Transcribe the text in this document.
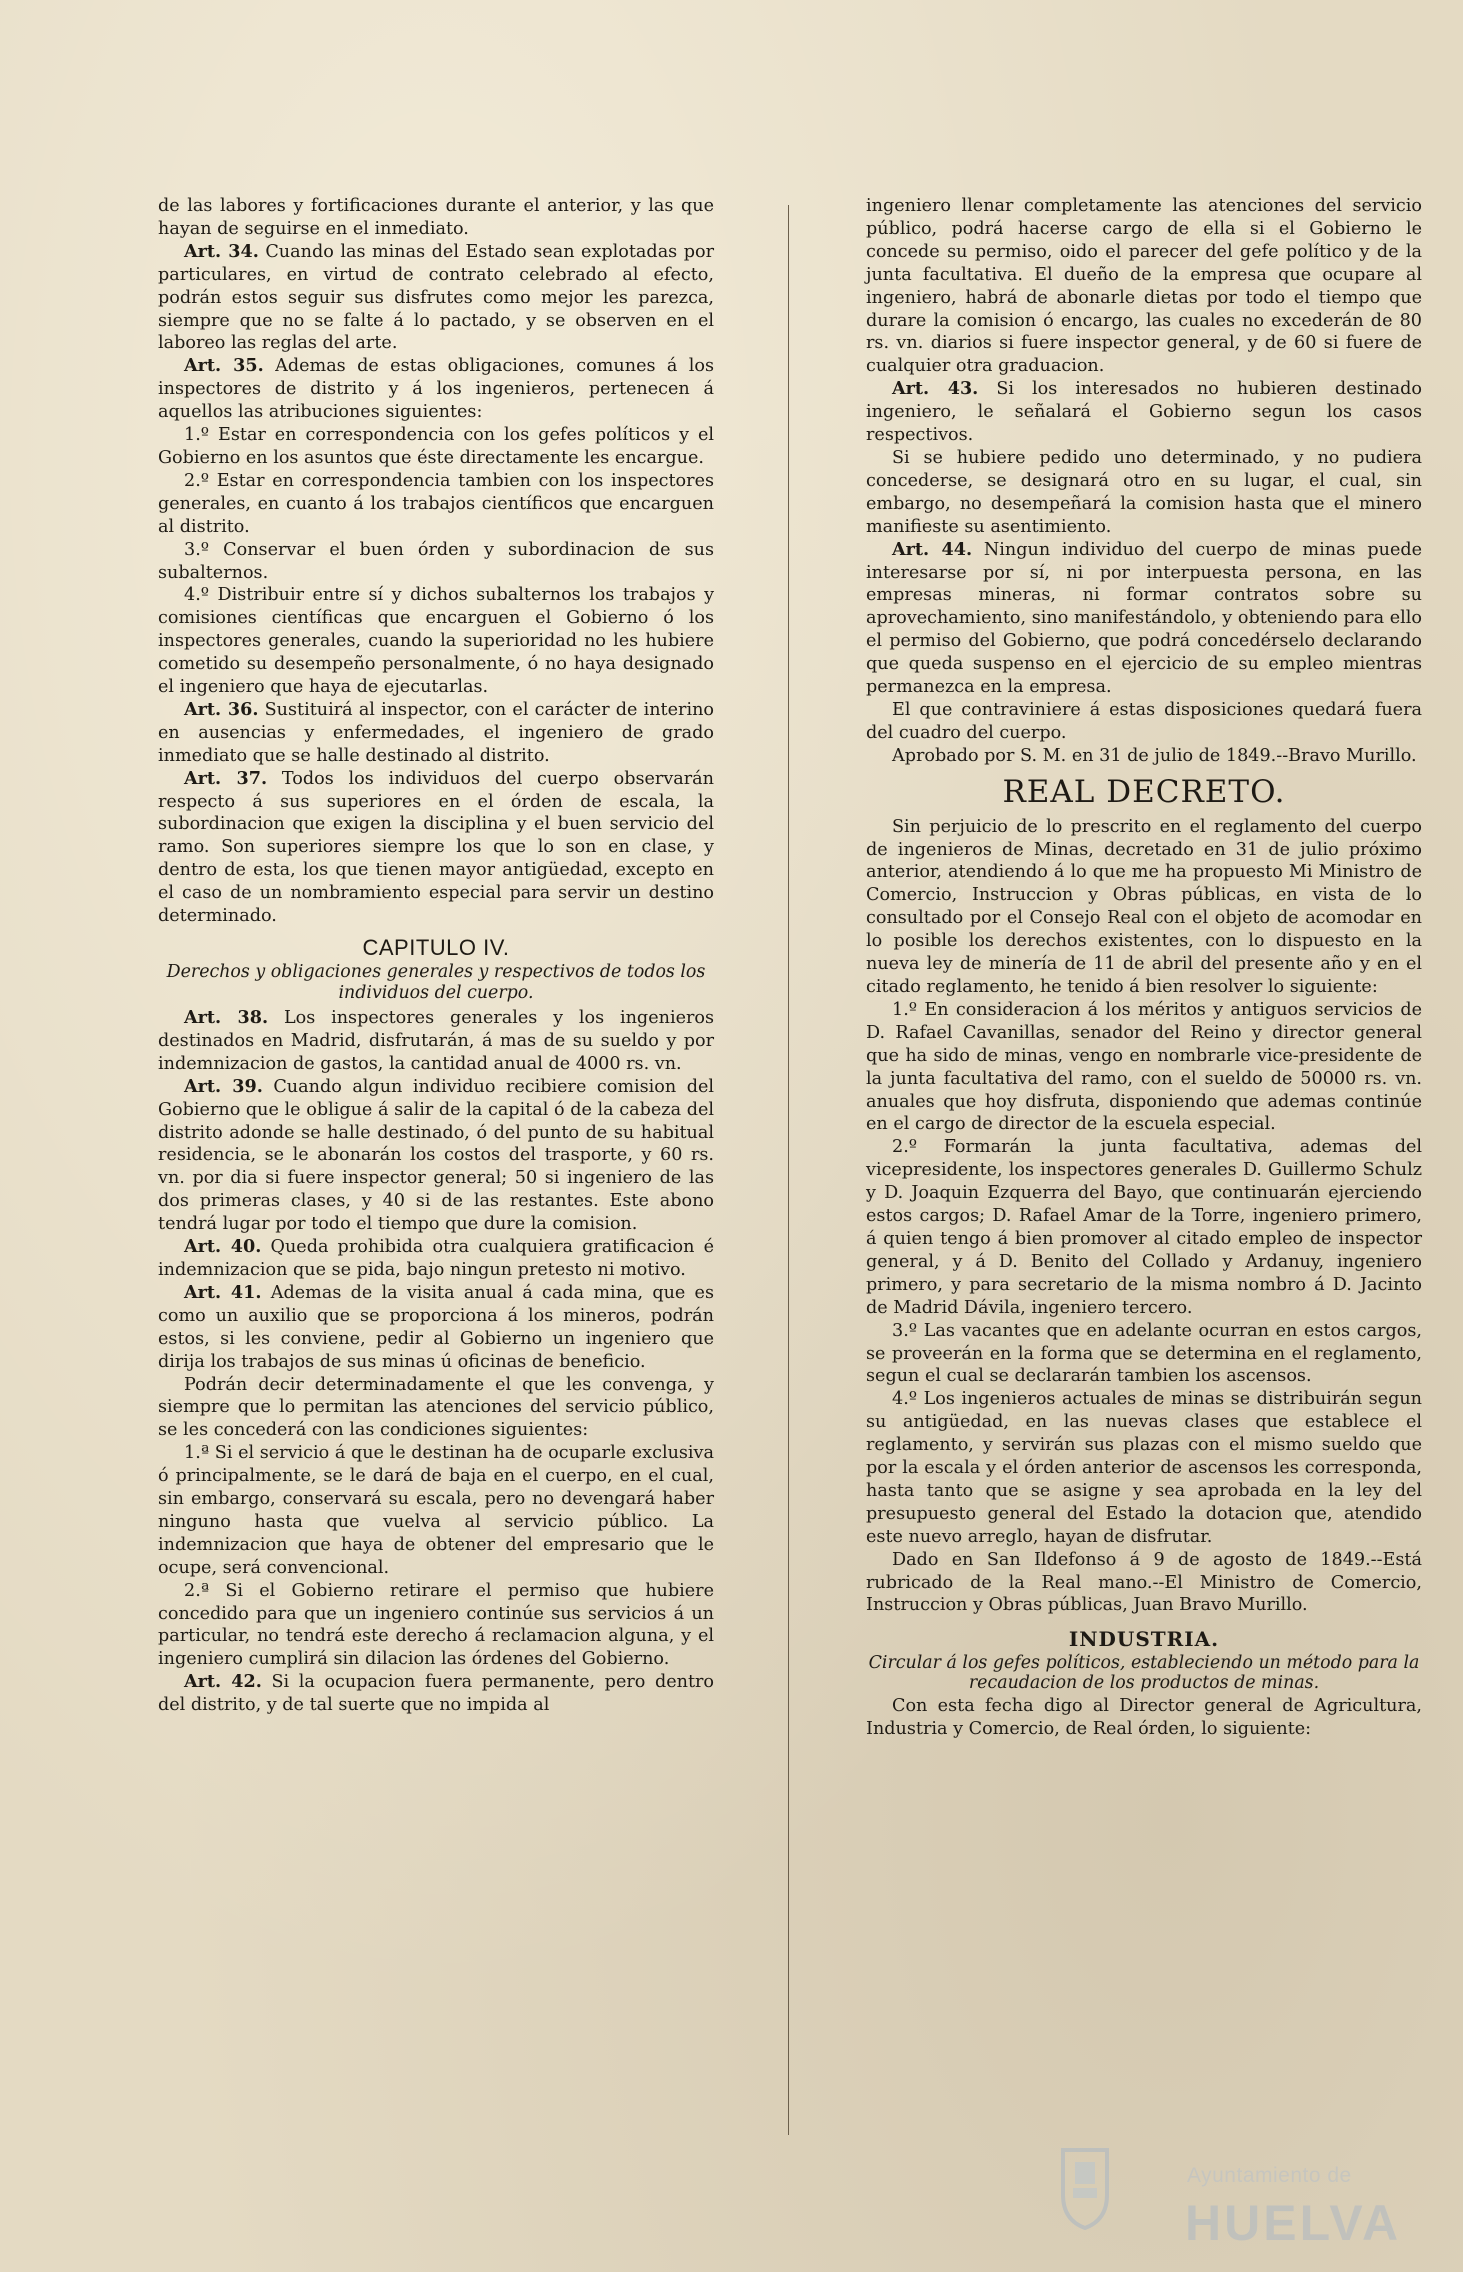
de las labores y fortificaciones durante el anterior, y las que hayan de seguirse en el inmediato.

Art. 34. Cuando las minas del Estado sean explotadas por particulares, en virtud de contrato celebrado al efecto, podrán estos seguir sus disfrutes como mejor les parezca, siempre que no se falte á lo pactado, y se observen en el laboreo las reglas del arte.

Art. 35. Ademas de estas obligaciones, comunes á los inspectores de distrito y á los ingenieros, pertenecen á aquellos las atribuciones siguientes:

1.º Estar en correspondencia con los gefes políticos y el Gobierno en los asuntos que éste directamente les encargue.

2.º Estar en correspondencia tambien con los inspectores generales, en cuanto á los trabajos científicos que encarguen al distrito.

3.º Conservar el buen órden y subordinacion de sus subalternos.

4.º Distribuir entre sí y dichos subalternos los trabajos y comisiones científicas que encarguen el Gobierno ó los inspectores generales, cuando la superioridad no les hubiere cometido su desempeño personalmente, ó no haya designado el ingeniero que haya de ejecutarlas.

Art. 36. Sustituirá al inspector, con el carácter de interino en ausencias y enfermedades, el ingeniero de grado inmediato que se halle destinado al distrito.

Art. 37. Todos los individuos del cuerpo observarán respecto á sus superiores en el órden de escala, la subordinacion que exigen la disciplina y el buen servicio del ramo. Son superiores siempre los que lo son en clase, y dentro de esta, los que tienen mayor antigüedad, excepto en el caso de un nombramiento especial para servir un destino determinado.

CAPITULO IV.
Derechos y obligaciones generales y respectivos de todos los individuos del cuerpo.

Art. 38. Los inspectores generales y los ingenieros destinados en Madrid, disfrutarán, á mas de su sueldo y por indemnizacion de gastos, la cantidad anual de 4000 rs. vn.

Art. 39. Cuando algun individuo recibiere comision del Gobierno que le obligue á salir de la capital ó de la cabeza del distrito adonde se halle destinado, ó del punto de su habitual residencia, se le abonarán los costos del trasporte, y 60 rs. vn. por dia si fuere inspector general; 50 si ingeniero de las dos primeras clases, y 40 si de las restantes. Este abono tendrá lugar por todo el tiempo que dure la comision.

Art. 40. Queda prohibida otra cualquiera gratificacion é indemnizacion que se pida, bajo ningun pretesto ni motivo.

Art. 41. Ademas de la visita anual á cada mina, que es como un auxilio que se proporciona á los mineros, podrán estos, si les conviene, pedir al Gobierno un ingeniero que dirija los trabajos de sus minas ú oficinas de beneficio.

Podrán decir determinadamente el que les convenga, y siempre que lo permitan las atenciones del servicio público, se les concederá con las condiciones siguientes:

1.ª Si el servicio á que le destinan ha de ocuparle exclusiva ó principalmente, se le dará de baja en el cuerpo, en el cual, sin embargo, conservará su escala, pero no devengará haber ninguno hasta que vuelva al servicio público. La indemnizacion que haya de obtener del empresario que le ocupe, será convencional.

2.ª Si el Gobierno retirare el permiso que hubiere concedido para que un ingeniero continúe sus servicios á un particular, no tendrá este derecho á reclamacion alguna, y el ingeniero cumplirá sin dilacion las órdenes del Gobierno.

Art. 42. Si la ocupacion fuera permanente, pero dentro del distrito, y de tal suerte que no impida al

ingeniero llenar completamente las atenciones del servicio público, podrá hacerse cargo de ella si el Gobierno le concede su permiso, oido el parecer del gefe político y de la junta facultativa. El dueño de la empresa que ocupare al ingeniero, habrá de abonarle dietas por todo el tiempo que durare la comision ó encargo, las cuales no excederán de 80 rs. vn. diarios si fuere inspector general, y de 60 si fuere de cualquier otra graduacion.

Art. 43. Si los interesados no hubieren destinado ingeniero, le señalará el Gobierno segun los casos respectivos.

Si se hubiere pedido uno determinado, y no pudiera concederse, se designará otro en su lugar, el cual, sin embargo, no desempeñará la comision hasta que el minero manifieste su asentimiento.

Art. 44. Ningun individuo del cuerpo de minas puede interesarse por sí, ni por interpuesta persona, en las empresas mineras, ni formar contratos sobre su aprovechamiento, sino manifestándolo, y obteniendo para ello el permiso del Gobierno, que podrá concedérselo declarando que queda suspenso en el ejercicio de su empleo mientras permanezca en la empresa.

El que contraviniere á estas disposiciones quedará fuera del cuadro del cuerpo.

Aprobado por S. M. en 31 de julio de 1849.--Bravo Murillo.

REAL DECRETO.

Sin perjuicio de lo prescrito en el reglamento del cuerpo de ingenieros de Minas, decretado en 31 de julio próximo anterior, atendiendo á lo que me ha propuesto Mi Ministro de Comercio, Instruccion y Obras públicas, en vista de lo consultado por el Consejo Real con el objeto de acomodar en lo posible los derechos existentes, con lo dispuesto en la nueva ley de minería de 11 de abril del presente año y en el citado reglamento, he tenido á bien resolver lo siguiente:

1.º En consideracion á los méritos y antiguos servicios de D. Rafael Cavanillas, senador del Reino y director general que ha sido de minas, vengo en nombrarle vice-presidente de la junta facultativa del ramo, con el sueldo de 50000 rs. vn. anuales que hoy disfruta, disponiendo que ademas continúe en el cargo de director de la escuela especial.

2.º Formarán la junta facultativa, ademas del vicepresidente, los inspectores generales D. Guillermo Schulz y D. Joaquin Ezquerra del Bayo, que continuarán ejerciendo estos cargos; D. Rafael Amar de la Torre, ingeniero primero, á quien tengo á bien promover al citado empleo de inspector general, y á D. Benito del Collado y Ardanuy, ingeniero primero, y para secretario de la misma nombro á D. Jacinto de Madrid Dávila, ingeniero tercero.

3.º Las vacantes que en adelante ocurran en estos cargos, se proveerán en la forma que se determina en el reglamento, segun el cual se declararán tambien los ascensos.

4.º Los ingenieros actuales de minas se distribuirán segun su antigüedad, en las nuevas clases que establece el reglamento, y servirán sus plazas con el mismo sueldo que por la escala y el órden anterior de ascensos les corresponda, hasta tanto que se asigne y sea aprobada en la ley del presupuesto general del Estado la dotacion que, atendido este nuevo arreglo, hayan de disfrutar.

Dado en San Ildefonso á 9 de agosto de 1849.--Está rubricado de la Real mano.--El Ministro de Comercio, Instruccion y Obras públicas, Juan Bravo Murillo.

INDUSTRIA.
Circular á los gefes políticos, estableciendo un método para la recaudacion de los productos de minas.

Con esta fecha digo al Director general de Agricultura, Industria y Comercio, de Real órden, lo siguiente:

Ayuntamiento de
HUELVA
